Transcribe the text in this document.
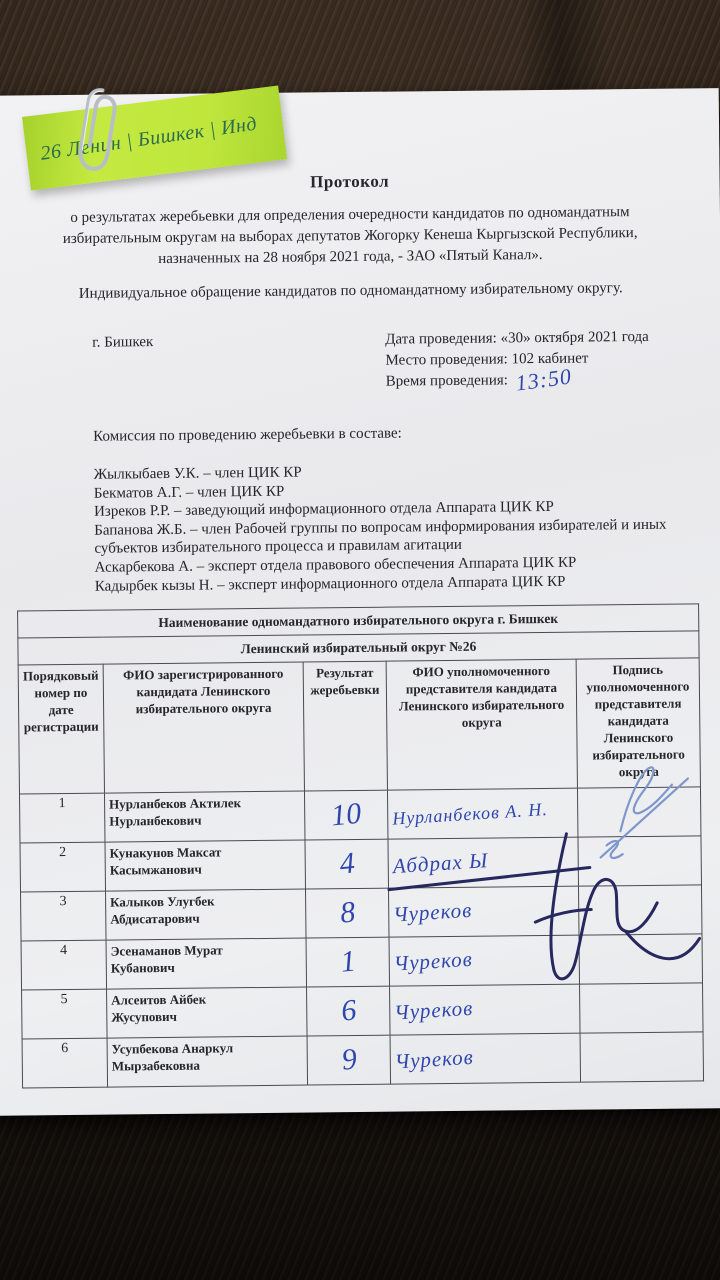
Протокол
о результатах жеребьевки для определения очередности кандидатов по одномандатным
избирательным округам на выборах депутатов Жогорку Кенеша Кыргызской Республики,
назначенных на 28 ноября 2021 года, - ЗАО «Пятый Канал».
Индивидуальное обращение кандидатов по одномандатному избирательному округу.
г. Бишкек	Дата проведения: «30» октября 2021 года
Место проведения: 102 кабинет
Время проведения: 13:50
Комиссия по проведению жеребьевки в составе:
Жылкыбаев У.К. – член ЦИК КР
Бекматов А.Г. – член ЦИК КР
Изреков Р.Р. – заведующий информационного отдела Аппарата ЦИК КР
Бапанова Ж.Б. – член Рабочей группы по вопросам информирования избирателей и иных
субъектов избирательного процесса и правилам агитации
Аскарбекова А. – эксперт отдела правового обеспечения Аппарата ЦИК КР
Кадырбек кызы Н. – эксперт информационного отдела Аппарата ЦИК КР
Наименование одномандатного избирательного округа г. Бишкек				
Ленинский избирательный округ №26				
Порядковый номер по дате регистрации	ФИО зарегистрированного кандидата Ленинского избирательного округа	Результат жеребьевки	ФИО уполномоченного представителя кандидата Ленинского избирательного округа	Подпись уполномоченного представителя кандидата Ленинского избирательного округа
1	Нурланбеков Актилек
Нурланбекович	10	Нурланбеков А. Н.	
2	Кунакунов Максат
Касымжанович	4	Абдрах Ы	
3	Калыков Улугбек
Абдисатарович	8	Чуреков	
4	Эсенаманов Мурат
Кубанович	1	Чуреков	
5	Алсеитов Айбек
Жусупович	6	Чуреков	
6	Усупбекова Анаркул
Мырзабековна	9	Чуреков	
26 Ленин | Бишкек | Инд
